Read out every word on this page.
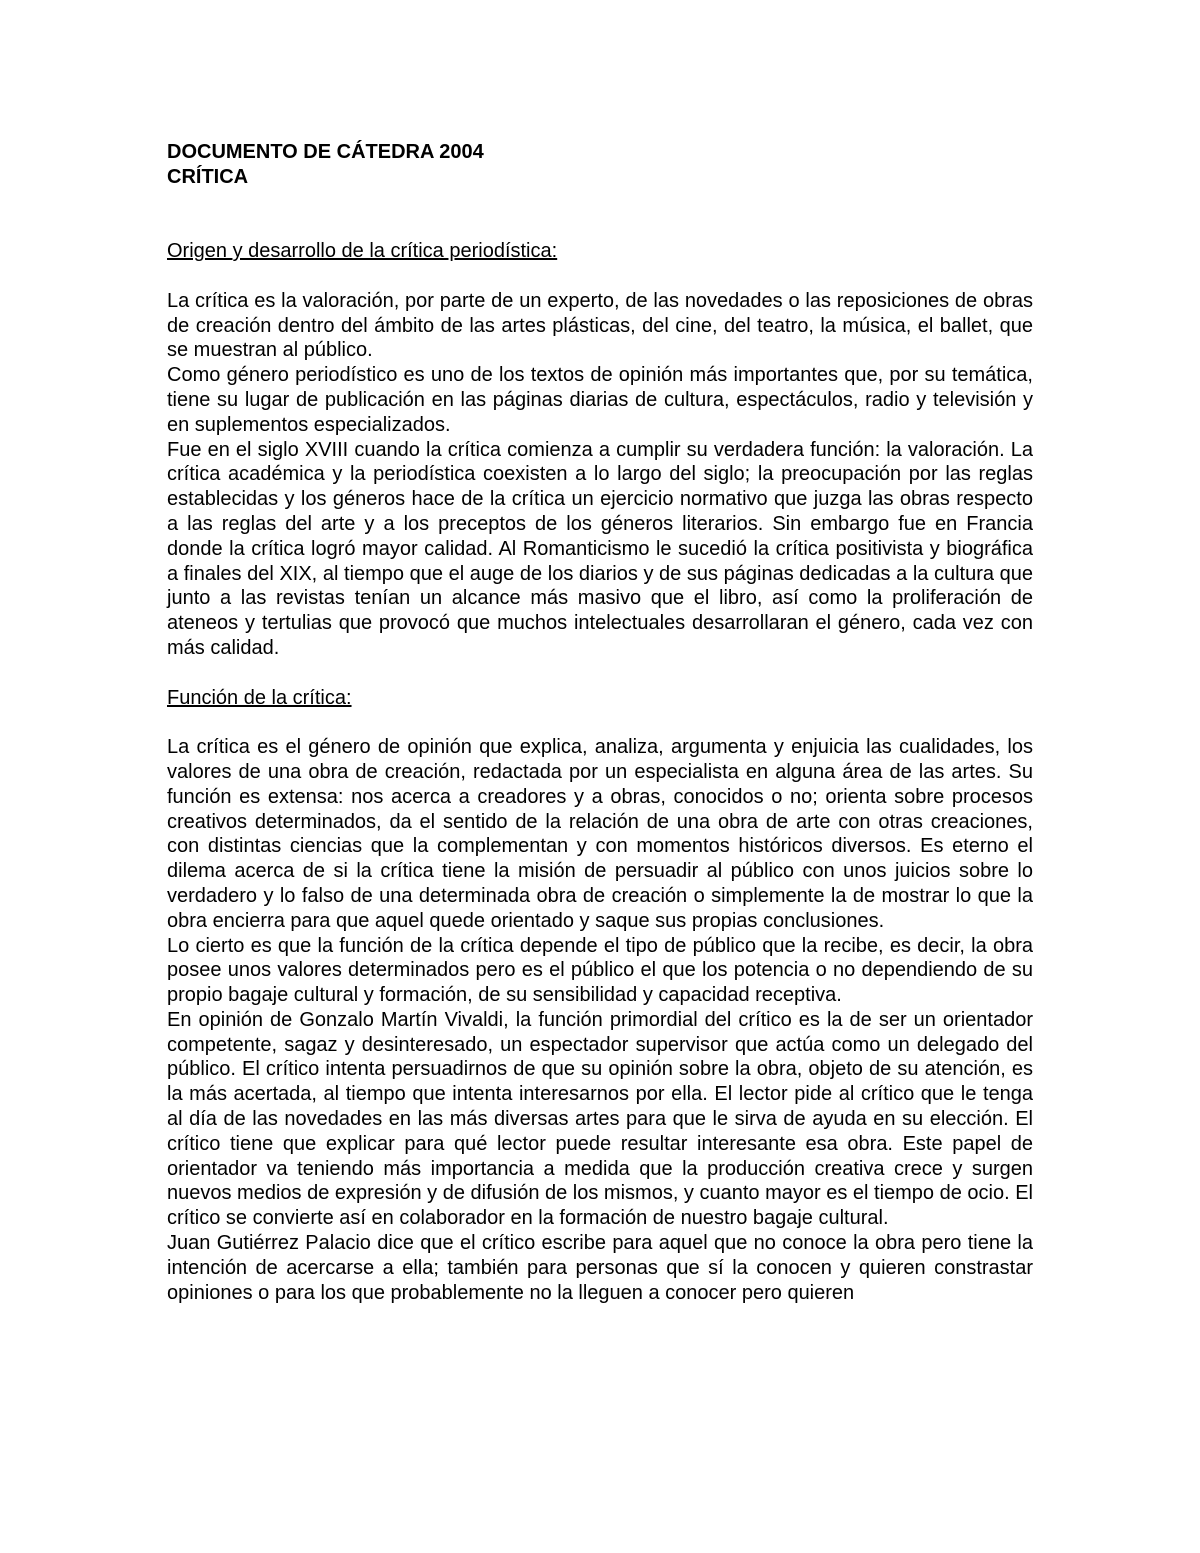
DOCUMENTO DE CÁTEDRA 2004
CRÍTICA

Origen y desarrollo de la crítica periodística:

La crítica es la valoración, por parte de un experto, de las novedades o las reposiciones de obras de creación dentro del ámbito de las artes plásticas, del cine, del teatro, la música, el ballet, que se muestran al público.

Como género periodístico es uno de los textos de opinión más importantes que, por su temática, tiene su lugar de publicación en las páginas diarias de cultura, espectáculos, radio y televisión y en suplementos especializados.

Fue en el siglo XVIII cuando la crítica comienza a cumplir su verdadera función: la valoración. La crítica académica y la periodística coexisten a lo largo del siglo; la preocupación por las reglas establecidas y los géneros hace de la crítica un ejercicio normativo que juzga las obras respecto a las reglas del arte y a los preceptos de los géneros literarios. Sin embargo fue en Francia donde la crítica logró mayor calidad. Al Romanticismo le sucedió la crítica positivista y biográfica a finales del XIX, al tiempo que el auge de los diarios y de sus páginas dedicadas a la cultura que junto a las revistas tenían un alcance más masivo que el libro, así como la proliferación de ateneos y tertulias que provocó que muchos intelectuales desarrollaran el género, cada vez con más calidad.

Función de la crítica:

La crítica es el género de opinión que explica, analiza, argumenta y enjuicia las cualidades, los valores de una obra de creación, redactada por un especialista en alguna área de las artes. Su función es extensa: nos acerca a creadores y a obras, conocidos o no; orienta sobre procesos creativos determinados, da el sentido de la relación de una obra de arte con otras creaciones, con distintas ciencias que la complementan y con momentos históricos diversos. Es eterno el dilema acerca de si la crítica tiene la misión de persuadir al público con unos juicios sobre lo verdadero y lo falso de una determinada obra de creación o simplemente la de mostrar lo que la obra encierra para que aquel quede orientado y saque sus propias conclusiones.

Lo cierto es que la función de la crítica depende el tipo de público que la recibe, es decir, la obra posee unos valores determinados pero es el público el que los potencia o no dependiendo de su propio bagaje cultural y formación, de su sensibilidad y capacidad receptiva.

En opinión de Gonzalo Martín Vivaldi, la función primordial del crítico es la de ser un orientador competente, sagaz y desinteresado, un espectador supervisor que actúa como un delegado del público. El crítico intenta persuadirnos de que su opinión sobre la obra, objeto de su atención, es la más acertada, al tiempo que intenta interesarnos por ella. El lector pide al crítico que le tenga al día de las novedades en las más diversas artes para que le sirva de ayuda en su elección. El crítico tiene que explicar para qué lector puede resultar interesante esa obra. Este papel de orientador va teniendo más importancia a medida que la producción creativa crece y surgen nuevos medios de expresión y de difusión de los mismos, y cuanto mayor es el tiempo de ocio. El crítico se convierte así en colaborador en la formación de nuestro bagaje cultural.

Juan Gutiérrez Palacio dice que el crítico escribe para aquel que no conoce la obra pero tiene la intención de acercarse a ella; también para personas que sí la conocen y quieren constrastar opiniones o para los que probablemente no la lleguen a conocer pero quieren
